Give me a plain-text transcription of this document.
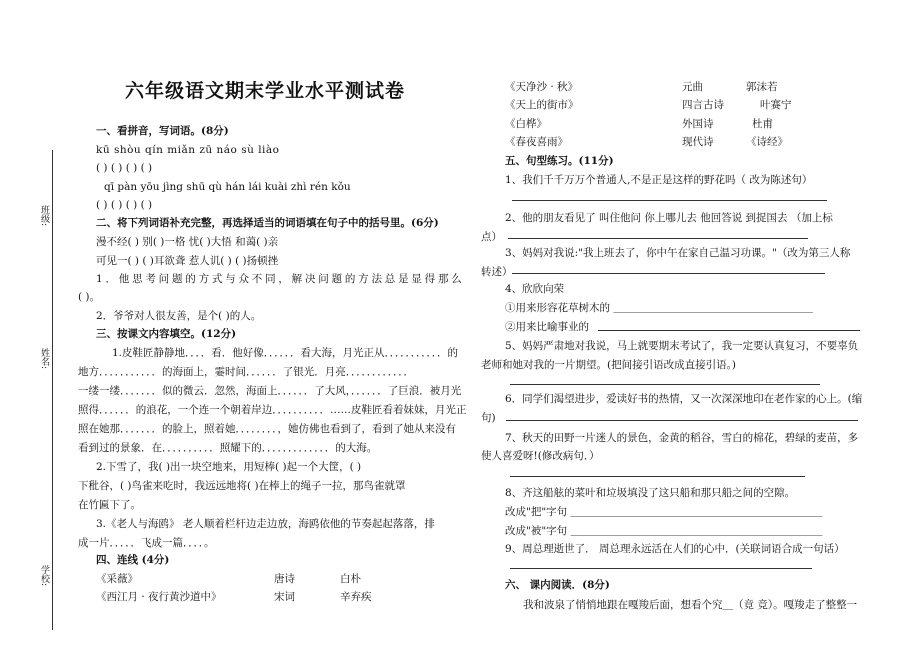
班级:
姓名:
学校:
六年级语文期末学业水平测试卷
一、看拼音，写词语。(8分)
kū shòu qín miǎn zū náo sù liào
( ) ( ) ( ) ( )
qī pàn yōu jìng shū qù hán lái kuài zhì rén kǒu
( ) ( ) ( ) ( )
二、将下列词语补充完整，再选择适当的词语填在句子中的括号里。(6分)
漫不经( ) 别( )一格 忧( )大悟 和蔼( )亲
可见一( ) ( )耳欲聋 惹人讥( ) ( )扬顿挫
1．他思考问题的方式与众不同，解决问题的方法总是显得那么
( )。
2．爷爷对人很友善，是个( )的人。
三、按课文内容填空。(12分)
1.皮鞋匠静静地．．．．看．他好像．．．．．．看大海，月光正从．．．．．．．．．．．的
地方．．．．．．．．．．．的海面上，霎时间．．．．．．了银光．月亮．．．．．．．．．．．．
一缕一缕．．．．．．．似的微云．忽然，海面上．．．．．．了大风，．．．．．．了巨浪．被月光
照得．．．．．．的浪花，一个连一个朝着岸边．．．．．．．．．．……皮鞋匠看着妹妹，月光正
照在她那．．．．．．．的脸上，照着她．．．．．．．．，她仿佛也看到了，看到了她从来没有
看到过的景象．在．．．．．．．．．．照耀下的．．．．．．．．．．．．．的大海。
2.下雪了，我( )出一块空地来，用短棒( )起一个大筐，( )
下秕谷，( )鸟雀来吃时，我远远地将( )在棒上的绳子一拉，那鸟雀就罩
在竹匾下了。
3.《老人与海鸥》 老人顺着栏杆边走边放，海鸥依他的节奏起起落落，排
成一片．．．．．飞成一篇．．．．。
四、连线 (4分)
《采薇》	唐诗	白朴
《西江月 · 夜行黄沙道中》	宋词	辛弃疾
《天净沙 · 秋》	元曲	郭沫若
《天上的街市》	四言古诗	叶赛宁
《白桦》	外国诗	杜甫
《春夜喜雨》	现代诗	《诗经》
五、句型练习。(11分)
1、我们千千万万个普通人,不是正是这样的野花吗（ 改为陈述句）
2、他的朋友看见了 叫住他问 你上哪儿去 他回答说 到捉国去 （加上标
点）
3、妈妈对我说:"我上班去了，你中午在家自己温习功课。"（改为第三人称
转述）
4、欣欣向荣
①用来形容花草树木的 ＿＿＿＿＿＿＿＿＿＿＿＿＿＿＿＿＿＿＿
②用来比喻事业的
5、妈妈严肃地对我说，马上就要期末考试了，我一定要认真复习，不要辜负
老师和她对我的一片期望。(把间接引语改成直接引语。)
6．同学们渴望进步，爱读好书的热情，又一次深深地印在老作家的心上。(缩
句)
7、秋天的田野一片迷人的景色，金黄的稻谷，雪白的棉花，碧绿的麦苗，多
使人喜爱呀!(修改病句．）
8、齐这船舷的菜叶和垃圾填没了这只船和那只船之间的空隙。
改成"把"字句 ＿＿＿＿＿＿＿＿＿＿＿＿＿＿＿＿＿＿＿＿＿＿＿＿
改成"被"字句 ＿＿＿＿＿＿＿＿＿＿＿＿＿＿＿＿＿＿＿＿＿＿＿＿
9、周总理逝世了． 周总理永远活在人们的心中．(关联词语合成一句话）
六、 课内阅读．(8分)
我和波泉了悄悄地跟在嘎羧后面，想看个究＿（竟 竞）。嘎羧走了整整一
